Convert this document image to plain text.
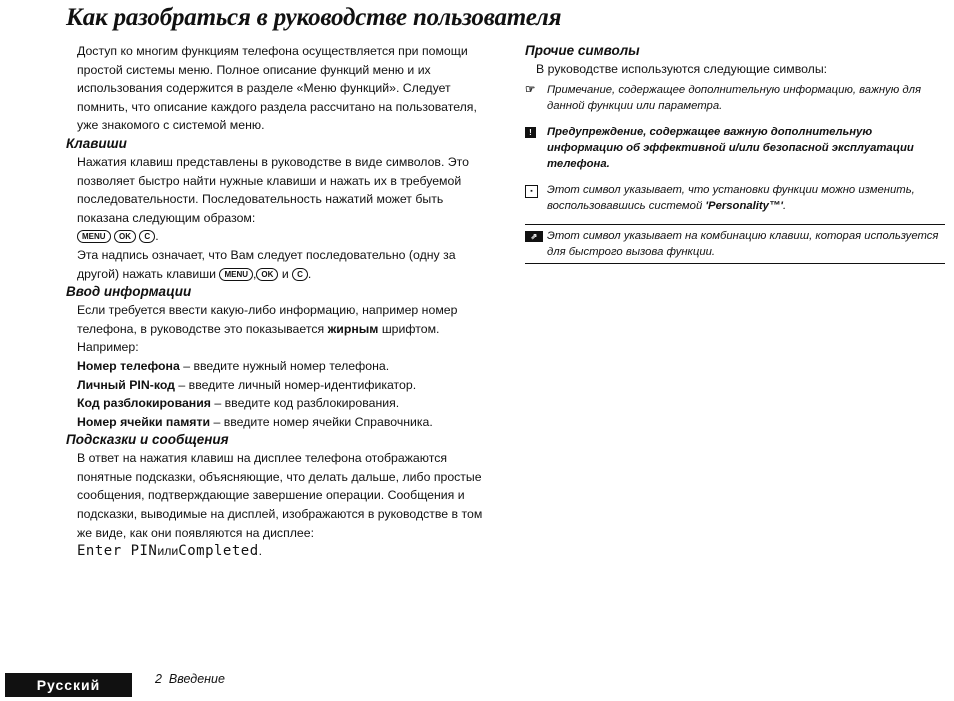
Как разобраться в руководстве пользователя

Доступ ко многим функциям телефона осуществляется при помощи простой системы меню. Полное описание функций меню и их использования содержится в разделе «Меню функций». Следует помнить, что описание каждого раздела рассчитано на пользователя, уже знакомого с системой меню.

Клавиши

Нажатия клавиш представлены в руководстве в виде символов. Это позволяет быстро найти нужные клавиши и нажать их в требуемой последовательности. Последовательность нажатий может быть показана следующим образом:

MENU OK C .

Эта надпись означает, что Вам следует последовательно (одну за другой) нажать клавиши MENU , OK и C .

Ввод информации

Если требуется ввести какую-либо информацию, например номер телефона, в руководстве это показывается жирным шрифтом.

Например:

Номер телефона – введите нужный номер телефона.

Личный PIN-код – введите личный номер-идентификатор.

Код разблокирования – введите код разблокирования.

Номер ячейки памяти – введите номер ячейки Справочника.

Подсказки и сообщения

В ответ на нажатия клавиш на дисплее телефона отображаются понятные подсказки, объясняющие, что делать дальше, либо простые сообщения, подтверждающие завершение операции. Сообщения и подсказки, выводимые на дисплей, изображаются в руководстве в том же виде, как они появляются на дисплее:

Enter PINилиCompleted.

Прочие символы

В руководстве используются следующие символы:

☞	Примечание, содержащее дополнительную информацию, важную для данной функции или параметра.
!	Предупреждение, содержащее важную дополнительную информацию об эффективной и/или безопасной эксплуатации телефона.
▪	Этот символ указывает, что установки функции можно изменить, воспользовавшись системой 'Personality™'.
⇗ Этот символ указывает на комбинацию клавиш, которая используется для быстрого вызова функции.
Русский	2 Введение
